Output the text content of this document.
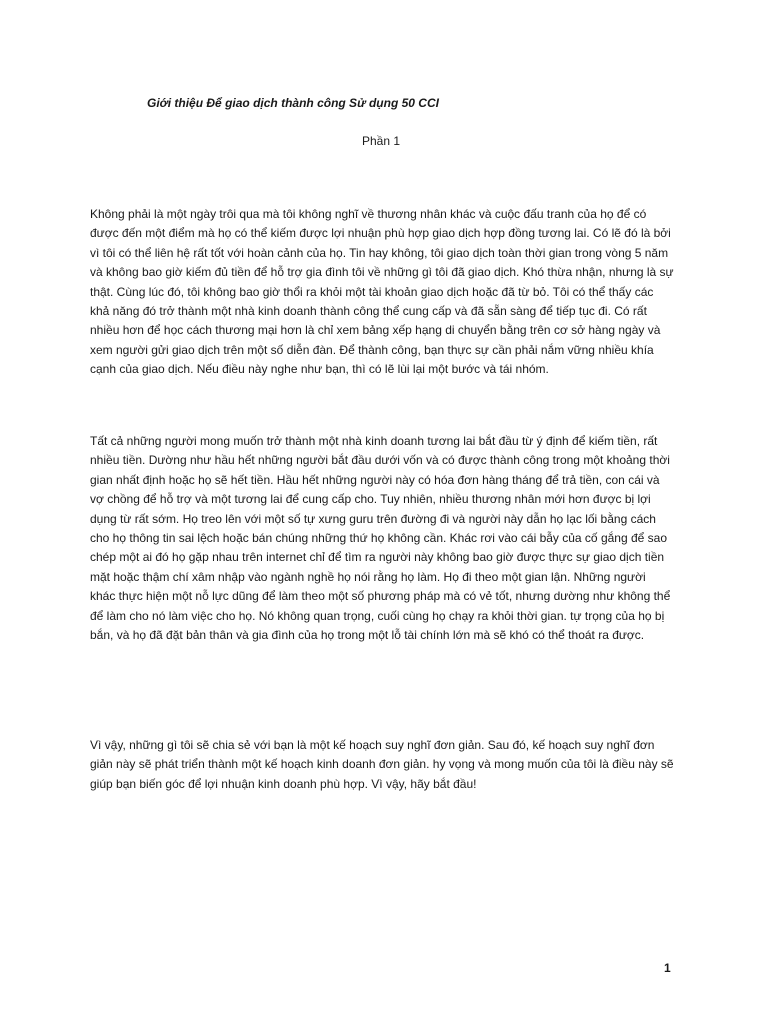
Giới thiệu Để giao dịch thành công Sử dụng 50 CCI

Phần 1

Không phải là một ngày trôi qua mà tôi không nghĩ về thương nhân khác và cuộc đấu tranh của họ để có được đến một điểm mà họ có thể kiếm được lợi nhuận phù hợp giao dịch hợp đồng tương lai. Có lẽ đó là bởi vì tôi có thể liên hệ rất tốt với hoàn cảnh của họ. Tin hay không, tôi giao dịch toàn thời gian trong vòng 5 năm và không bao giờ kiếm đủ tiền để hỗ trợ gia đình tôi về những gì tôi đã giao dịch. Khó thừa nhận, nhưng là sự thật. Cùng lúc đó, tôi không bao giờ thổi ra khỏi một tài khoản giao dịch hoặc đã từ bỏ. Tôi có thể thấy các khả năng đó trở thành một nhà kinh doanh thành công thể cung cấp và đã sẵn sàng để tiếp tục đi. Có rất nhiều hơn để học cách thương mại hơn là chỉ xem bảng xếp hạng di chuyển bằng trên cơ sở hàng ngày và xem người gửi giao dịch trên một số diễn đàn. Để thành công, bạn thực sự cần phải nắm vững nhiều khía cạnh của giao dịch. Nếu điều này nghe như bạn, thì có lẽ lùi lại một bước và tái nhóm.

Tất cả những người mong muốn trở thành một nhà kinh doanh tương lai bắt đầu từ ý định để kiếm tiền, rất nhiều tiền. Dường như hầu hết những người bắt đầu dưới vốn và có được thành công trong một khoảng thời gian nhất định hoặc họ sẽ hết tiền. Hầu hết những người này có hóa đơn hàng tháng để trả tiền, con cái và vợ chồng để hỗ trợ và một tương lai để cung cấp cho. Tuy nhiên, nhiều thương nhân mới hơn được bị lợi dụng từ rất sớm. Họ treo lên với một số tự xưng guru trên đường đi và người này dẫn họ lạc lối bằng cách cho họ thông tin sai lệch hoặc bán chúng những thứ họ không cần. Khác rơi vào cái bẫy của cố gắng để sao chép một ai đó họ gặp nhau trên internet chỉ để tìm ra người này không bao giờ được thực sự giao dịch tiền mặt hoặc thậm chí xâm nhập vào ngành nghề họ nói rằng họ làm. Họ đi theo một gian lận. Những người khác thực hiện một nỗ lực dũng để làm theo một số phương pháp mà có vẻ tốt, nhưng dường như không thể để làm cho nó làm việc cho họ. Nó không quan trọng, cuối cùng họ chạy ra khỏi thời gian. tự trọng của họ bị bắn, và họ đã đặt bản thân và gia đình của họ trong một lỗ tài chính lớn mà sẽ khó có thể thoát ra được.

Vì vậy, những gì tôi sẽ chia sẻ với bạn là một kế hoạch suy nghĩ đơn giản. Sau đó, kế hoạch suy nghĩ đơn giản này sẽ phát triển thành một kế hoạch kinh doanh đơn giản. hy vọng và mong muốn của tôi là điều này sẽ giúp bạn biến góc để lợi nhuận kinh doanh phù hợp. Vì vậy, hãy bắt đầu!

1
